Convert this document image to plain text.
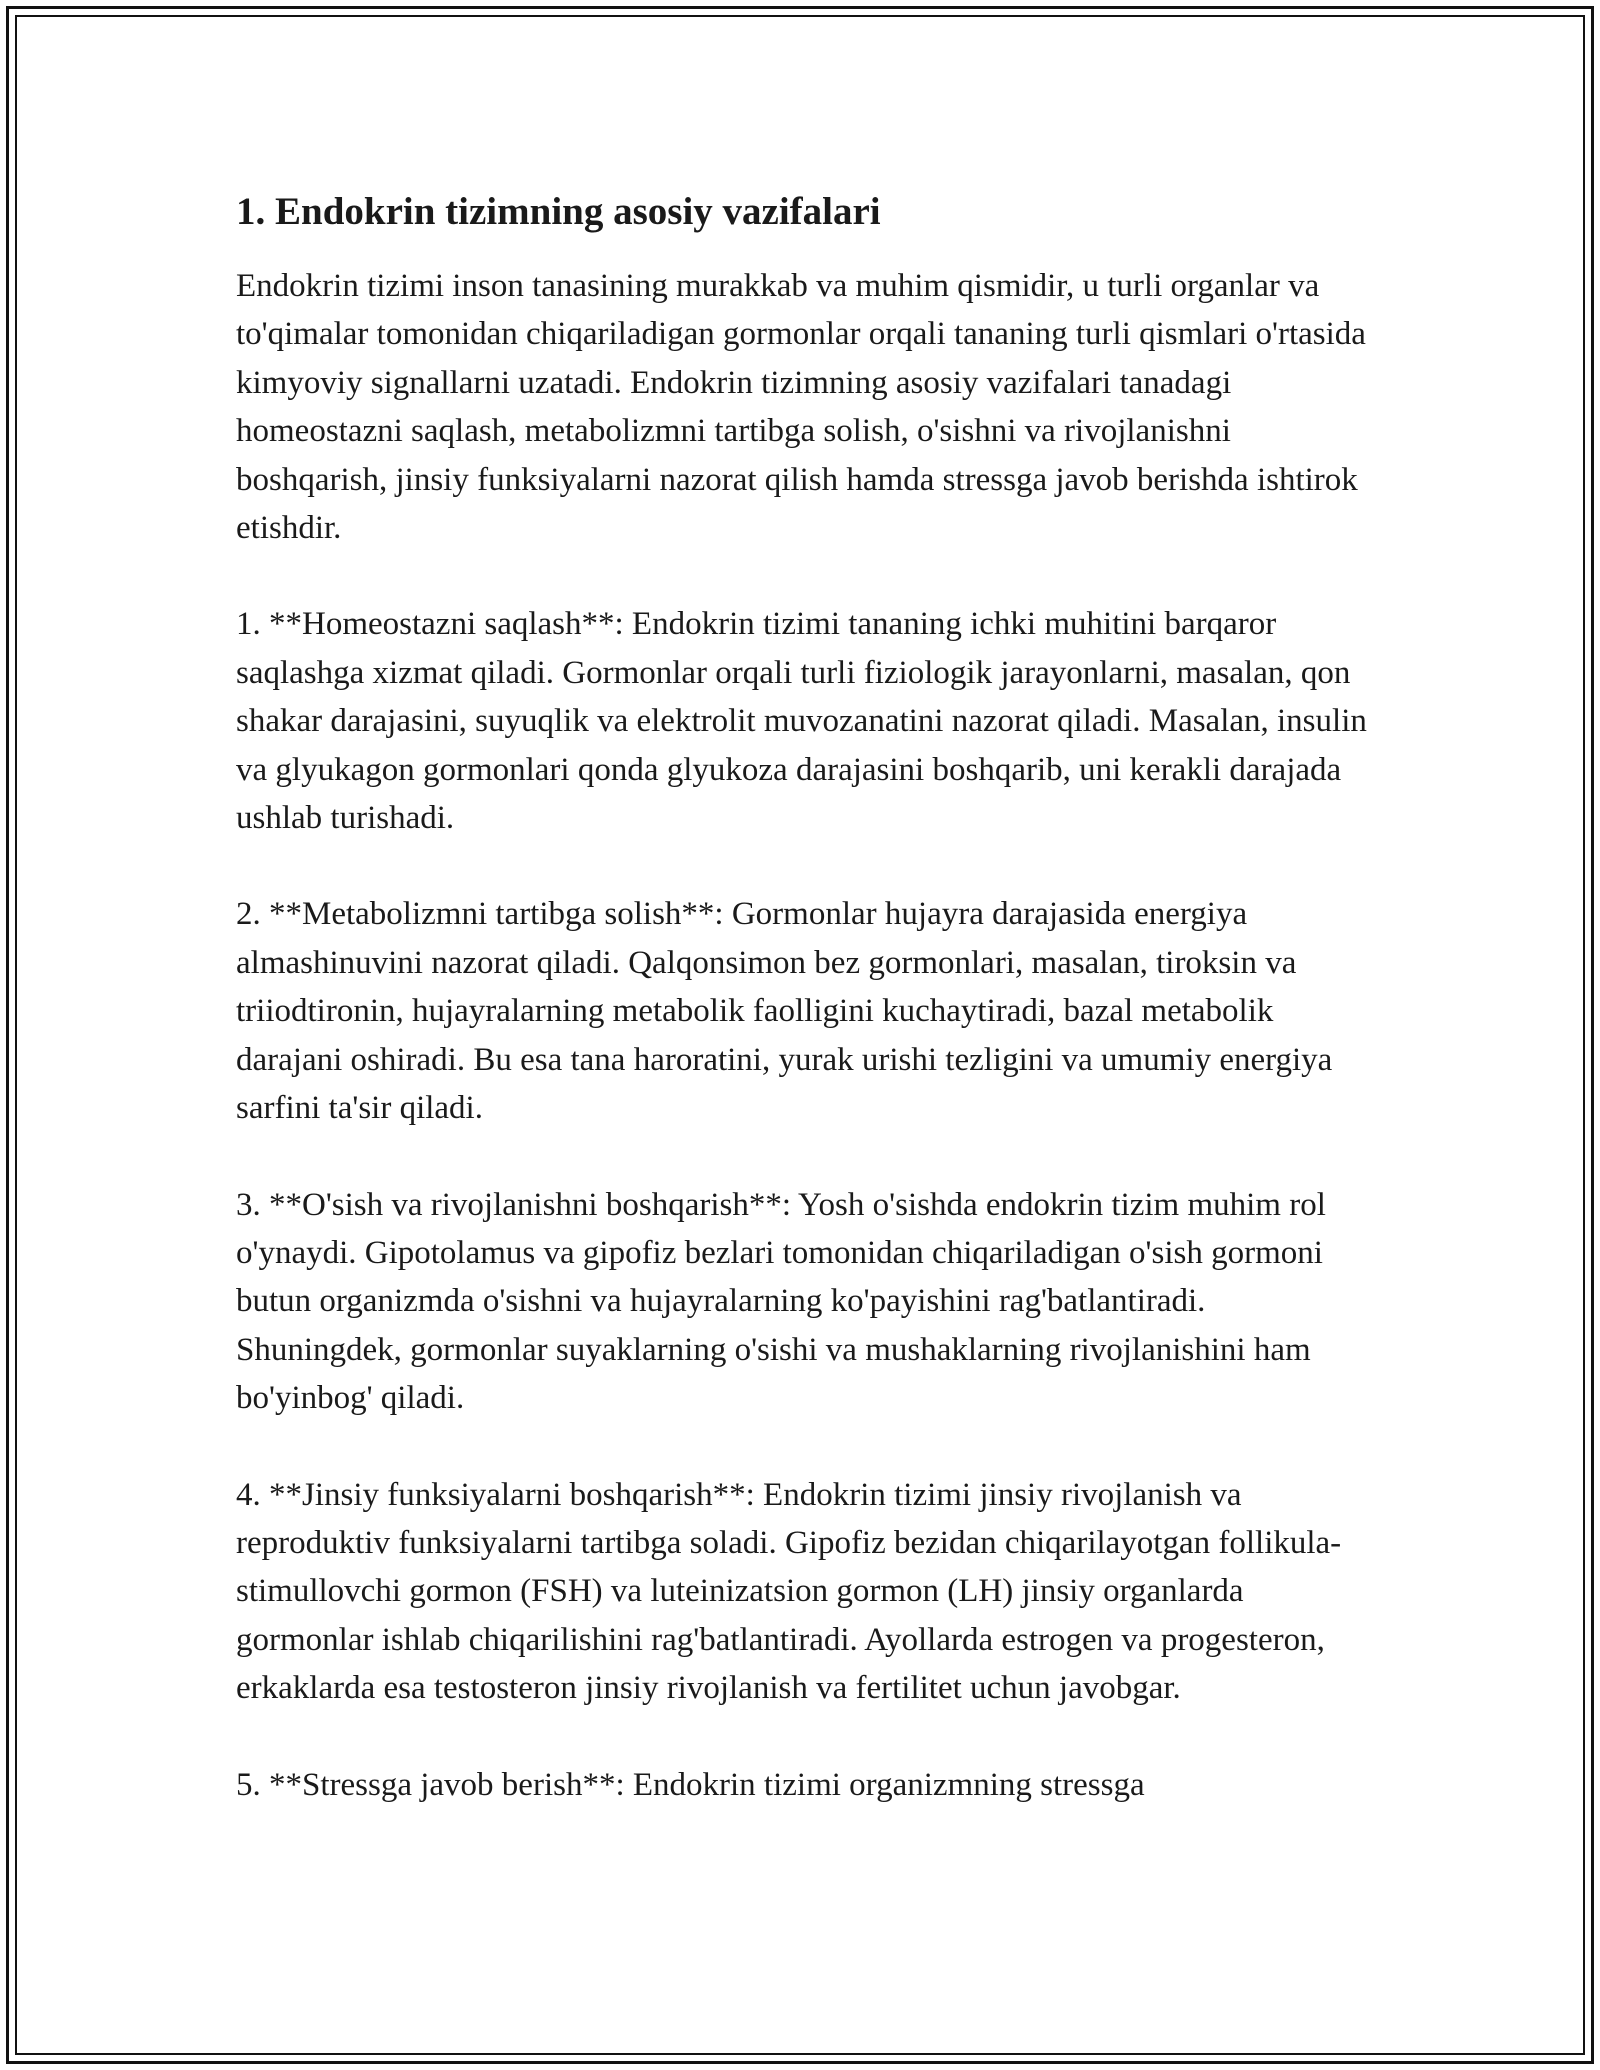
1. Endokrin tizimning asosiy vazifalari

Endokrin tizimi inson tanasining murakkab va muhim qismidir, u turli organlar va to'qimalar tomonidan chiqariladigan gormonlar orqali tananing turli qismlari o'rtasida kimyoviy signallarni uzatadi. Endokrin tizimning asosiy vazifalari tanadagi homeostazni saqlash, metabolizmni tartibga solish, o'sishni va rivojlanishni boshqarish, jinsiy funksiyalarni nazorat qilish hamda stressga javob berishda ishtirok etishdir.

1. **Homeostazni saqlash**: Endokrin tizimi tananing ichki muhitini barqaror saqlashga xizmat qiladi. Gormonlar orqali turli fiziologik jarayonlarni, masalan, qon shakar darajasini, suyuqlik va elektrolit muvozanatini nazorat qiladi. Masalan, insulin va glyukagon gormonlari qonda glyukoza darajasini boshqarib, uni kerakli darajada ushlab turishadi.

2. **Metabolizmni tartibga solish**: Gormonlar hujayra darajasida energiya almashinuvini nazorat qiladi. Qalqonsimon bez gormonlari, masalan, tiroksin va triiodtironin, hujayralarning metabolik faolligini kuchaytiradi, bazal metabolik darajani oshiradi. Bu esa tana haroratini, yurak urishi tezligini va umumiy energiya sarfini ta'sir qiladi.

3. **O'sish va rivojlanishni boshqarish**: Yosh o'sishda endokrin tizim muhim rol o'ynaydi. Gipotolamus va gipofiz bezlari tomonidan chiqariladigan o'sish gormoni butun organizmda o'sishni va hujayralarning ko'payishini rag'batlantiradi. Shuningdek, gormonlar suyaklarning o'sishi va mushaklarning rivojlanishini ham bo'yinbog' qiladi.

4. **Jinsiy funksiyalarni boshqarish**: Endokrin tizimi jinsiy rivojlanish va reproduktiv funksiyalarni tartibga soladi. Gipofiz bezidan chiqarilayotgan follikula-stimullovchi gormon (FSH) va luteinizatsion gormon (LH) jinsiy organlarda gormonlar ishlab chiqarilishini rag'batlantiradi. Ayollarda estrogen va progesteron, erkaklarda esa testosteron jinsiy rivojlanish va fertilitet uchun javobgar.

5. **Stressga javob berish**: Endokrin tizimi organizmning stressga
